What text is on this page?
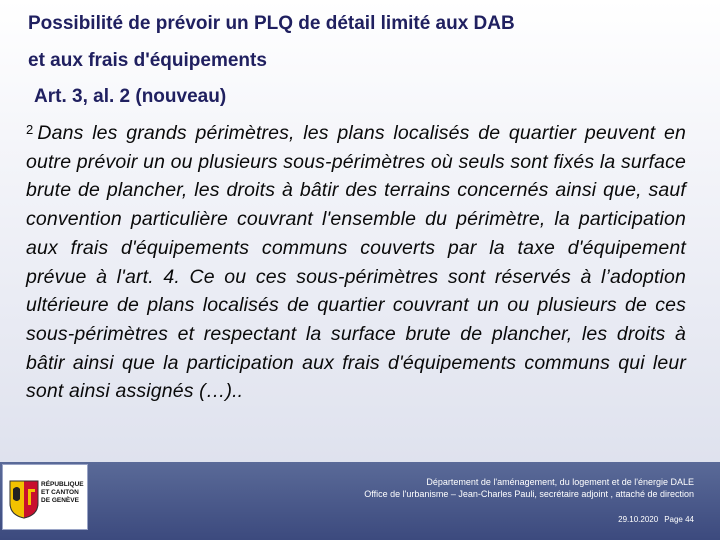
Possibilité de prévoir un PLQ de détail limité aux DAB
et aux frais d'équipements
Art. 3, al. 2 (nouveau)
$^2$ Dans les grands périmètres, les plans localisés de quartier peuvent en outre prévoir un ou plusieurs sous-périmètres où seuls sont fixés la surface brute de plancher, les droits à bâtir des terrains concernés ainsi que, sauf convention particulière couvrant l'ensemble du périmètre, la participation aux frais d'équipements communs couverts par la taxe d'équipement prévue à l'art. 4. Ce ou ces sous-périmètres sont réservés à l’adoption ultérieure de plans localisés de quartier couvrant un ou plusieurs de ces sous-périmètres et respectant la surface brute de plancher, les droits à bâtir ainsi que la participation aux frais d'équipements communs qui leur sont ainsi assignés (…)..
RÉPUBLIQUE
ET CANTON
DE GENÈVE
Département de l'aménagement, du logement et de l'énergie DALE
Office de l'urbanisme – Jean-Charles Pauli, secrétaire adjoint , attaché de direction
29.10.2020 Page 44
